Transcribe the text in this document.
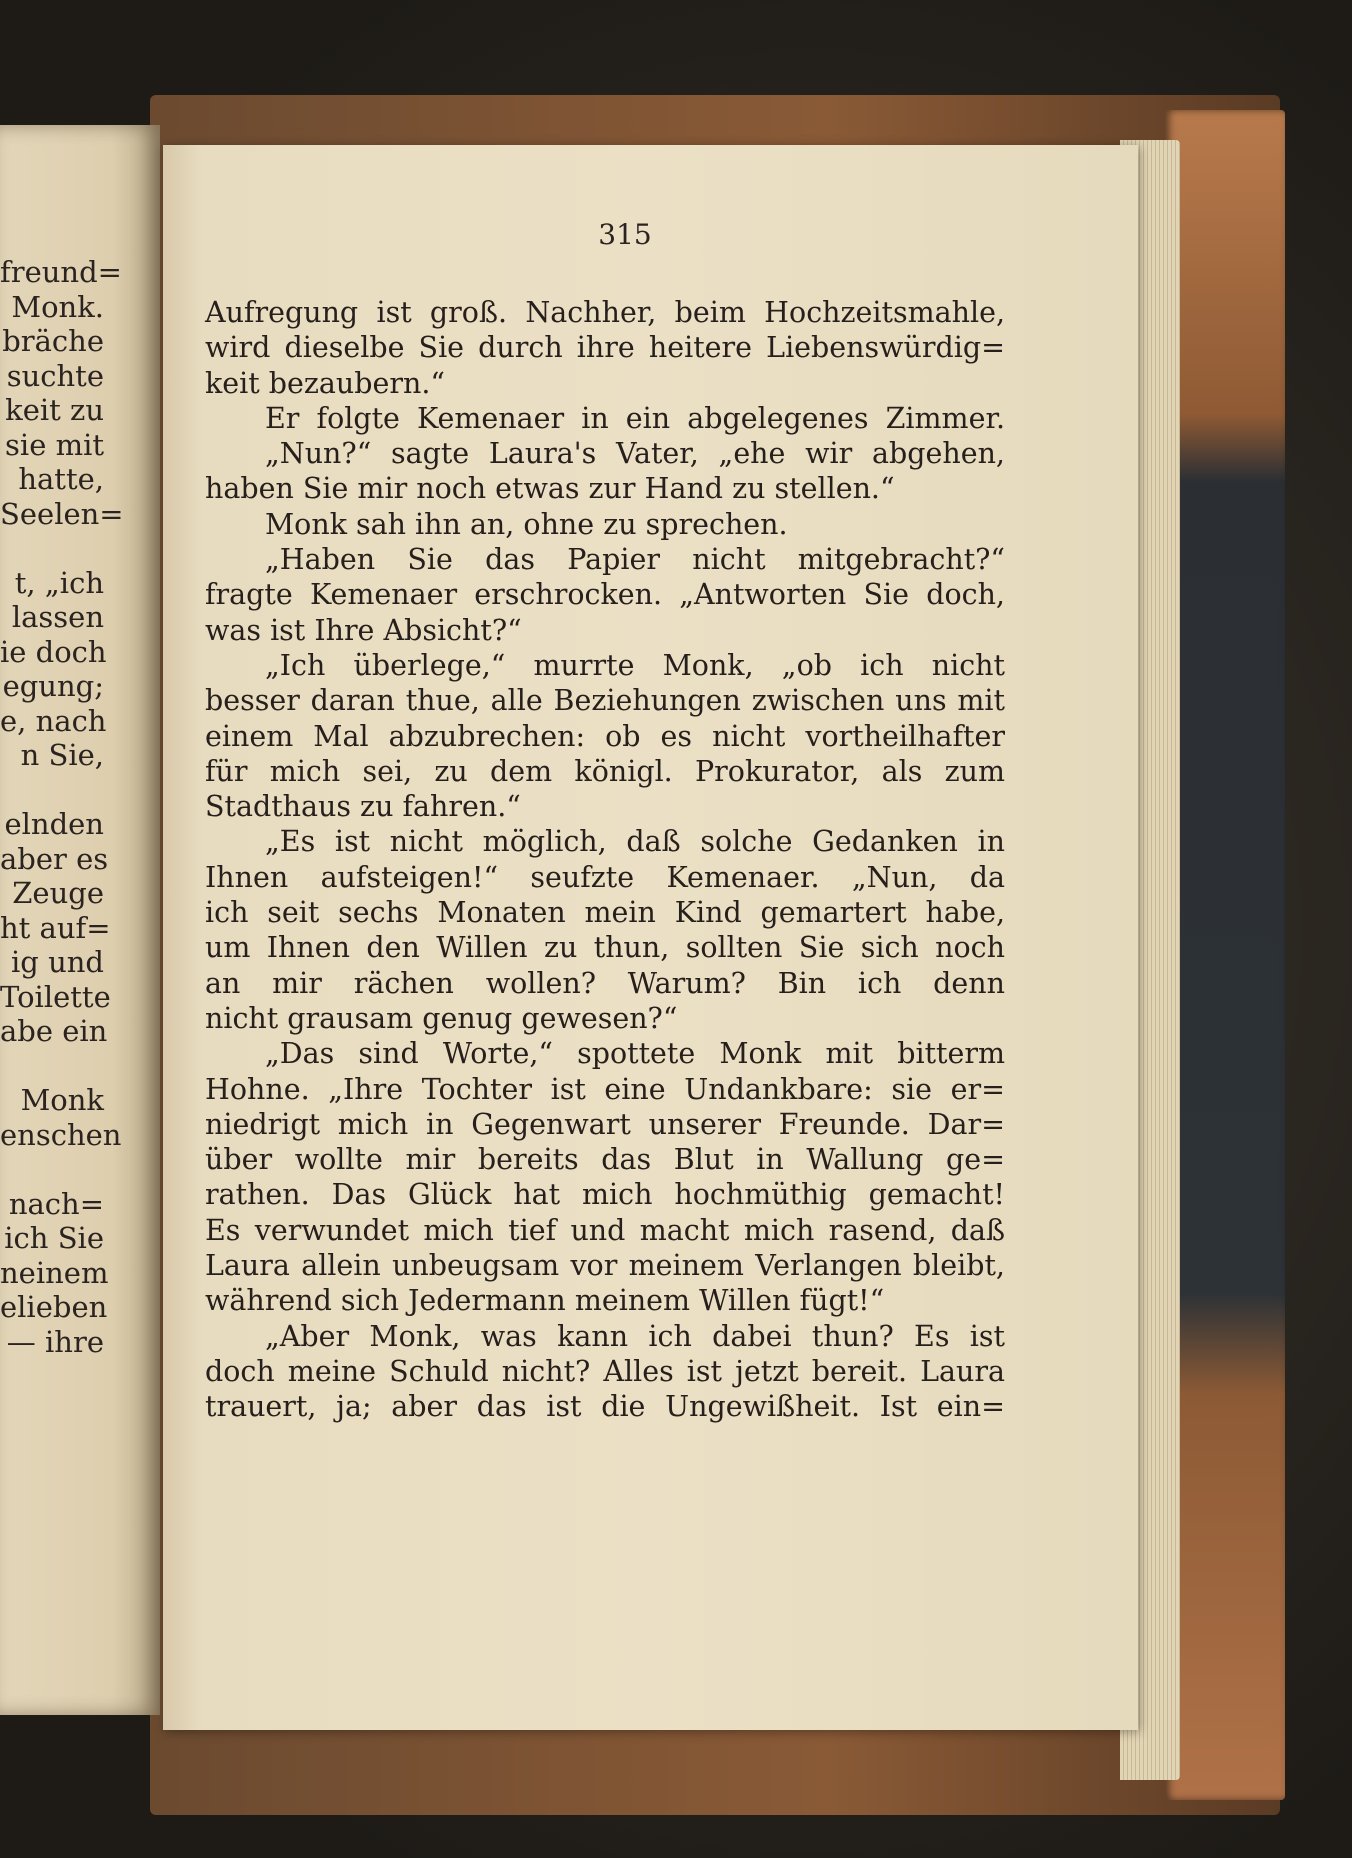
freund=
Monk.
bräche
suchte
keit zu
sie mit
hatte,
Seelen=
t, „ich
lassen
ie doch
egung;
e, nach
n Sie,
elnden
aber es
Zeuge
ht auf=
ig und
Toilette
abe ein
Monk
enschen
nach=
ich Sie
neinem
elieben
— ihre
315
Aufregung ist groß. Nachher, beim Hochzeitsmahle,
wird dieselbe Sie durch ihre heitere Liebenswürdig=
keit bezaubern.“
Er folgte Kemenaer in ein abgelegenes Zimmer.
„Nun?“ sagte Laura's Vater, „ehe wir abgehen,
haben Sie mir noch etwas zur Hand zu stellen.“
Monk sah ihn an, ohne zu sprechen.
„Haben Sie das Papier nicht mitgebracht?“
fragte Kemenaer erschrocken. „Antworten Sie doch,
was ist Ihre Absicht?“
„Ich überlege,“ murrte Monk, „ob ich nicht
besser daran thue, alle Beziehungen zwischen uns mit
einem Mal abzubrechen: ob es nicht vortheilhafter
für mich sei, zu dem königl. Prokurator, als zum
Stadthaus zu fahren.“
„Es ist nicht möglich, daß solche Gedanken in
Ihnen aufsteigen!“ seufzte Kemenaer. „Nun, da
ich seit sechs Monaten mein Kind gemartert habe,
um Ihnen den Willen zu thun, sollten Sie sich noch
an mir rächen wollen? Warum? Bin ich denn
nicht grausam genug gewesen?“
„Das sind Worte,“ spottete Monk mit bitterm
Hohne. „Ihre Tochter ist eine Undankbare: sie er=
niedrigt mich in Gegenwart unserer Freunde. Dar=
über wollte mir bereits das Blut in Wallung ge=
rathen. Das Glück hat mich hochmüthig gemacht!
Es verwundet mich tief und macht mich rasend, daß
Laura allein unbeugsam vor meinem Verlangen bleibt,
während sich Jedermann meinem Willen fügt!“
„Aber Monk, was kann ich dabei thun? Es ist
doch meine Schuld nicht? Alles ist jetzt bereit. Laura
trauert, ja; aber das ist die Ungewißheit. Ist ein=
